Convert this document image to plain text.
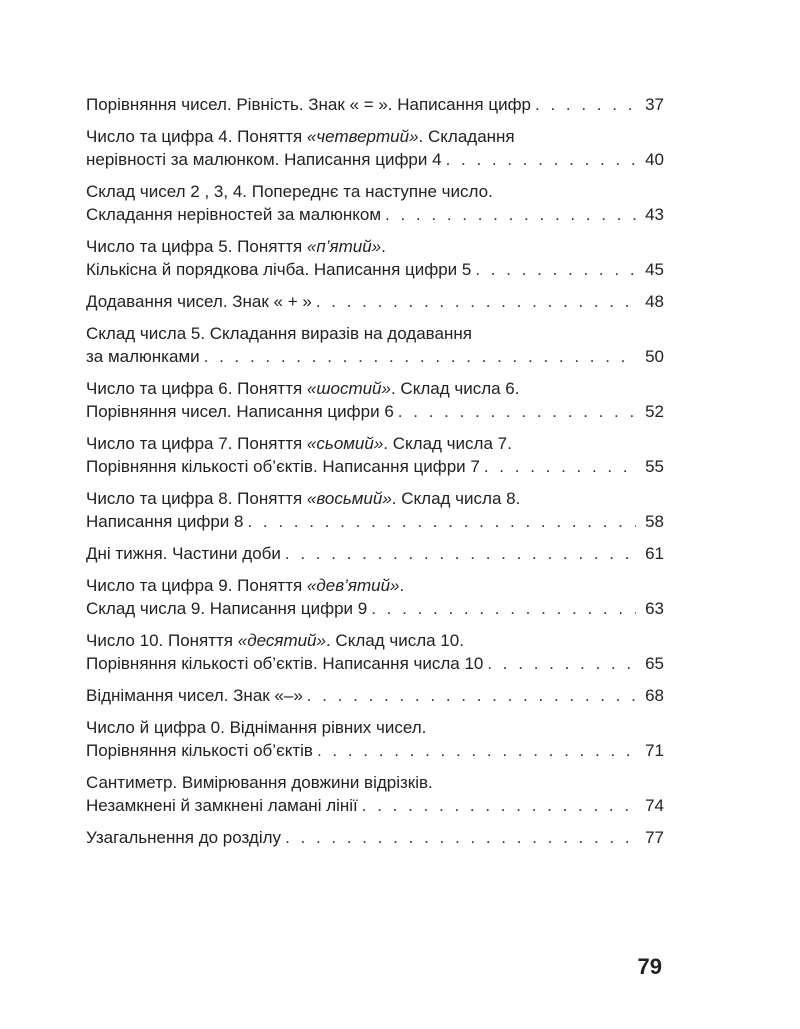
Порівняння чисел. Рівність. Знак « = ». Написання цифр . . .	37
Число та цифра 4. Поняття «четвертий». Складання
нерівності за малюнком. Написання цифри 4 . . .	40
Склад чисел 2 , 3, 4. Попереднє та наступне число.
Складання нерівностей за малюнком . . .	43
Число та цифра 5. Поняття «п’ятий».
Кількісна й порядкова лічба. Написання цифри 5 . . .	45
Додавання чисел. Знак « + » . . .	48
Склад числа 5. Складання виразів на додавання
за малюнками . . .	50
Число та цифра 6. Поняття «шостий». Склад числа 6.
Порівняння чисел. Написання цифри 6 . . .	52
Число та цифра 7. Поняття «сьомий». Склад числа 7.
Порівняння кількості об’єктів. Написання цифри 7 . . .	55
Число та цифра 8. Поняття «восьмий». Склад числа 8.
Написання цифри 8 . . .	58
Дні тижня. Частини доби . . .	61
Число та цифра 9. Поняття «дев’ятий».
Склад числа 9. Написання цифри 9 . . .	63
Число 10. Поняття «десятий». Склад числа 10.
Порівняння кількості об’єктів. Написання числа 10 . . .	65
Віднімання чисел. Знак «–» . . .	68
Число й цифра 0. Віднімання рівних чисел.
Порівняння кількості об’єктів . . .	71
Сантиметр. Вимірювання довжини відрізків.
Незамкнені й замкнені ламані лінії . . .	74
Узагальнення до розділу . . .	77
79
